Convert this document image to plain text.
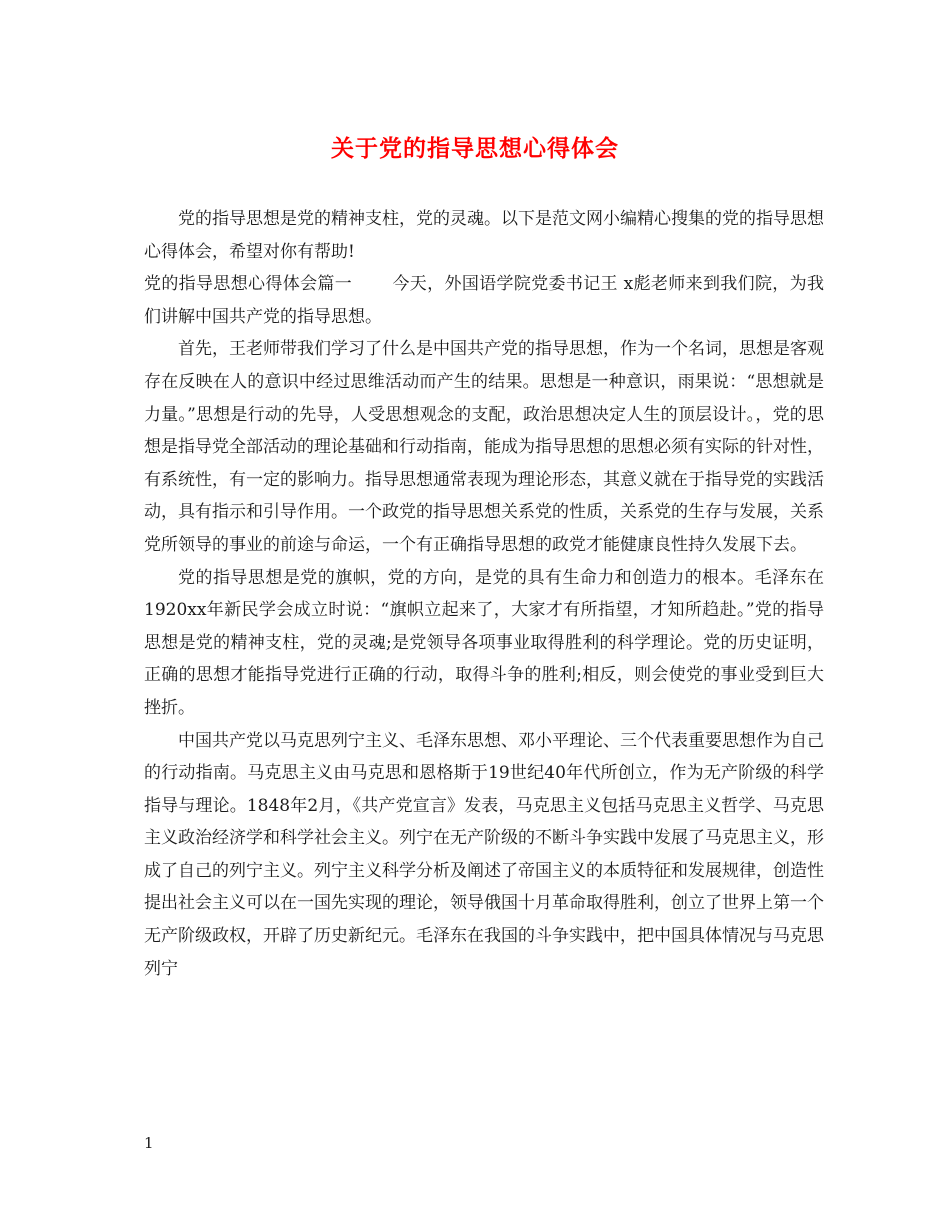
关于党的指导思想心得体会

党的指导思想是党的精神支柱，党的灵魂。以下是范文网小编精心搜集的党的指导思想心得体会，希望对你有帮助!

党的指导思想心得体会篇一 今天，外国语学院党委书记王 x彪老师来到我们院，为我们讲解中国共产党的指导思想。

首先，王老师带我们学习了什么是中国共产党的指导思想，作为一个名词，思想是客观存在反映在人的意识中经过思维活动而产生的结果。思想是一种意识，雨果说：“思想就是力量。”思想是行动的先导，人受思想观念的支配，政治思想决定人生的顶层设计。，党的思想是指导党全部活动的理论基础和行动指南，能成为指导思想的思想必须有实际的针对性，有系统性，有一定的影响力。指导思想通常表现为理论形态，其意义就在于指导党的实践活动，具有指示和引导作用。一个政党的指导思想关系党的性质，关系党的生存与发展，关系党所领导的事业的前途与命运，一个有正确指导思想的政党才能健康良性持久发展下去。

党的指导思想是党的旗帜，党的方向，是党的具有生命力和创造力的根本。毛泽东在1920xx年新民学会成立时说：“旗帜立起来了，大家才有所指望，才知所趋赴。”党的指导思想是党的精神支柱，党的灵魂;是党领导各项事业取得胜利的科学理论。党的历史证明，正确的思想才能指导党进行正确的行动，取得斗争的胜利;相反，则会使党的事业受到巨大挫折。

中国共产党以马克思列宁主义、毛泽东思想、邓小平理论、三个代表重要思想作为自己的行动指南。马克思主义由马克思和恩格斯于19世纪40年代所创立，作为无产阶级的科学指导与理论。1848年2月，《共产党宣言》发表，马克思主义包括马克思主义哲学、马克思主义政治经济学和科学社会主义。列宁在无产阶级的不断斗争实践中发展了马克思主义，形成了自己的列宁主义。列宁主义科学分析及阐述了帝国主义的本质特征和发展规律，创造性提出社会主义可以在一国先实现的理论，领导俄国十月革命取得胜利，创立了世界上第一个无产阶级政权，开辟了历史新纪元。毛泽东在我国的斗争实践中，把中国具体情况与马克思列宁

1
